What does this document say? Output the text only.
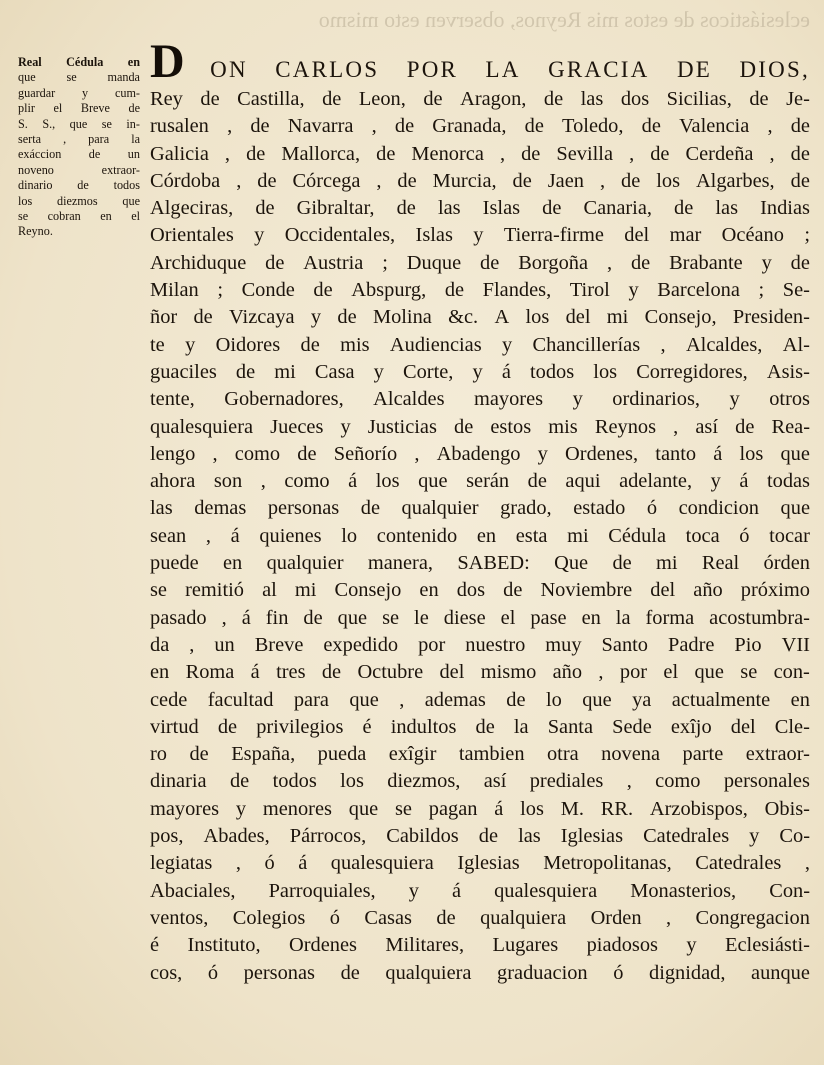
eclesiásticos de estos mis Reynos, observen esto mismo
Real Cédula en
que	se	manda
guardar y cum-
plir el Breve de
S. S., que se in-
serta , para la
exáccion de un
noveno	extraor-
dinario de todos
los diezmos que
se cobran en el
Reyno.
D ON CARLOS POR LA GRACIA DE DIOS,
Rey de Castilla, de Leon, de Aragon, de las dos Sicilias, de Je-
rusalen , de Navarra , de Granada, de Toledo, de Valencia , de
Galicia , de Mallorca, de Menorca , de Sevilla , de Cerdeña , de
Córdoba , de Córcega , de Murcia, de Jaen , de los Algarbes, de
Algeciras, de Gibraltar, de las Islas de Canaria, de las Indias
Orientales y Occidentales, Islas y Tierra-firme del mar Océano ;
Archiduque de Austria ; Duque de Borgoña , de Brabante y de
Milan ; Conde de Abspurg, de Flandes, Tirol y Barcelona ; Se-
ñor de Vizcaya y de Molina &c. A los del mi Consejo, Presiden-
te y Oidores de mis Audiencias y Chancillerías , Alcaldes, Al-
guaciles de mi Casa y Corte, y á todos los Corregidores, Asis-
tente, Gobernadores, Alcaldes mayores y ordinarios, y otros
qualesquiera Jueces y Justicias de estos mis Reynos , así de Rea-
lengo , como de Señorío , Abadengo y Ordenes, tanto á los que
ahora son , como á los que serán de aqui adelante, y á todas
las demas personas de qualquier grado, estado ó condicion que
sean , á quienes lo contenido en esta mi Cédula toca ó tocar
puede en qualquier manera, SABED: Que de mi Real órden
se remitió al mi Consejo en dos de Noviembre del año próximo
pasado , á fin de que se le diese el pase en la forma acostumbra-
da , un Breve expedido por nuestro muy Santo Padre Pio VII
en Roma á tres de Octubre del mismo año , por el que se con-
cede facultad para que , ademas de lo que ya actualmente en
virtud de privilegios é indultos de la Santa Sede exîjo del Cle-
ro de España, pueda exîgir tambien otra novena parte extraor-
dinaria de todos los diezmos, así prediales , como personales
mayores y menores que se pagan á los M. RR. Arzobispos, Obis-
pos, Abades, Párrocos, Cabildos de las Iglesias Catedrales y Co-
legiatas , ó á qualesquiera Iglesias Metropolitanas, Catedrales ,
Abaciales, Parroquiales, y á qualesquiera Monasterios, Con-
ventos, Colegios ó Casas de qualquiera Orden , Congregacion
é Instituto, Ordenes Militares, Lugares piadosos y Eclesiásti-
cos, ó personas de qualquiera graduacion ó dignidad, aunque
